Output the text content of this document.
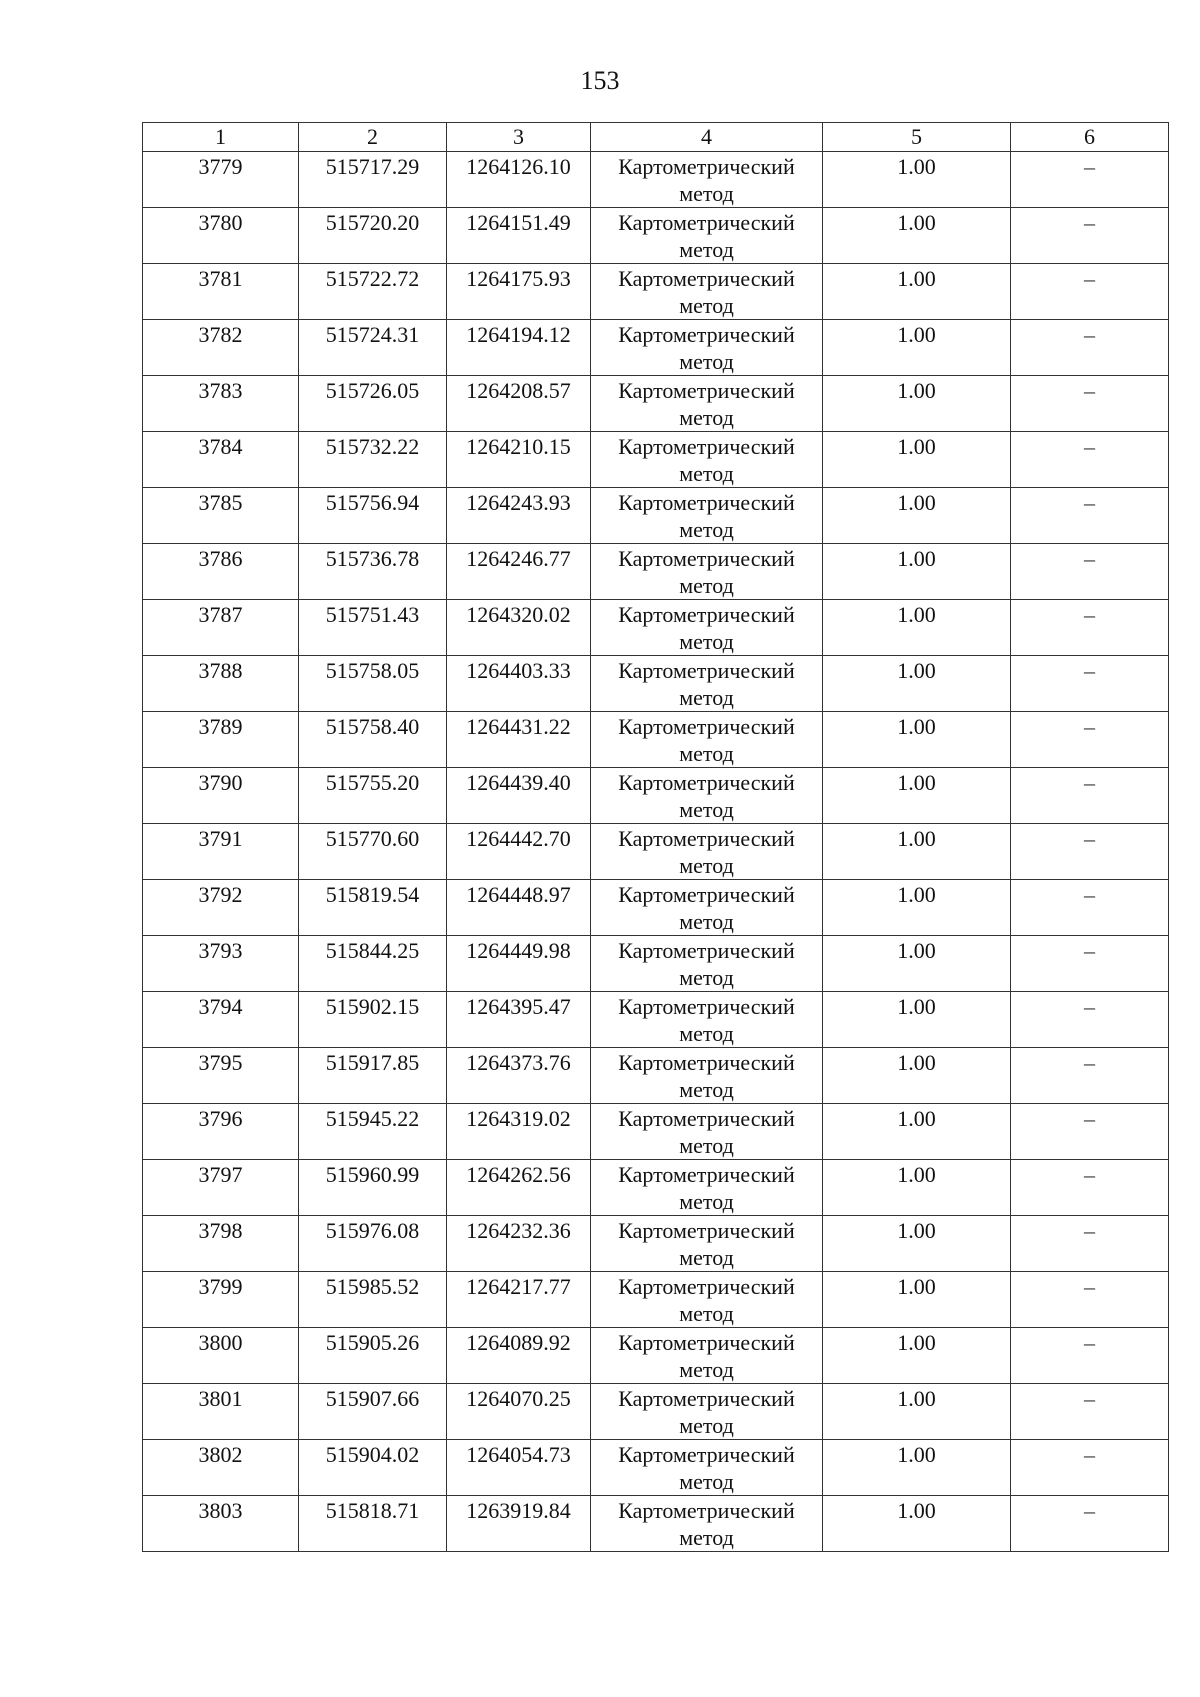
153
1	2	3	4	5	6
3779	515717.29	1264126.10	Картометрический метод	1.00	–
3780	515720.20	1264151.49	Картометрический метод	1.00	–
3781	515722.72	1264175.93	Картометрический метод	1.00	–
3782	515724.31	1264194.12	Картометрический метод	1.00	–
3783	515726.05	1264208.57	Картометрический метод	1.00	–
3784	515732.22	1264210.15	Картометрический метод	1.00	–
3785	515756.94	1264243.93	Картометрический метод	1.00	–
3786	515736.78	1264246.77	Картометрический метод	1.00	–
3787	515751.43	1264320.02	Картометрический метод	1.00	–
3788	515758.05	1264403.33	Картометрический метод	1.00	–
3789	515758.40	1264431.22	Картометрический метод	1.00	–
3790	515755.20	1264439.40	Картометрический метод	1.00	–
3791	515770.60	1264442.70	Картометрический метод	1.00	–
3792	515819.54	1264448.97	Картометрический метод	1.00	–
3793	515844.25	1264449.98	Картометрический метод	1.00	–
3794	515902.15	1264395.47	Картометрический метод	1.00	–
3795	515917.85	1264373.76	Картометрический метод	1.00	–
3796	515945.22	1264319.02	Картометрический метод	1.00	–
3797	515960.99	1264262.56	Картометрический метод	1.00	–
3798	515976.08	1264232.36	Картометрический метод	1.00	–
3799	515985.52	1264217.77	Картометрический метод	1.00	–
3800	515905.26	1264089.92	Картометрический метод	1.00	–
3801	515907.66	1264070.25	Картометрический метод	1.00	–
3802	515904.02	1264054.73	Картометрический метод	1.00	–
3803	515818.71	1263919.84	Картометрический метод	1.00	–
